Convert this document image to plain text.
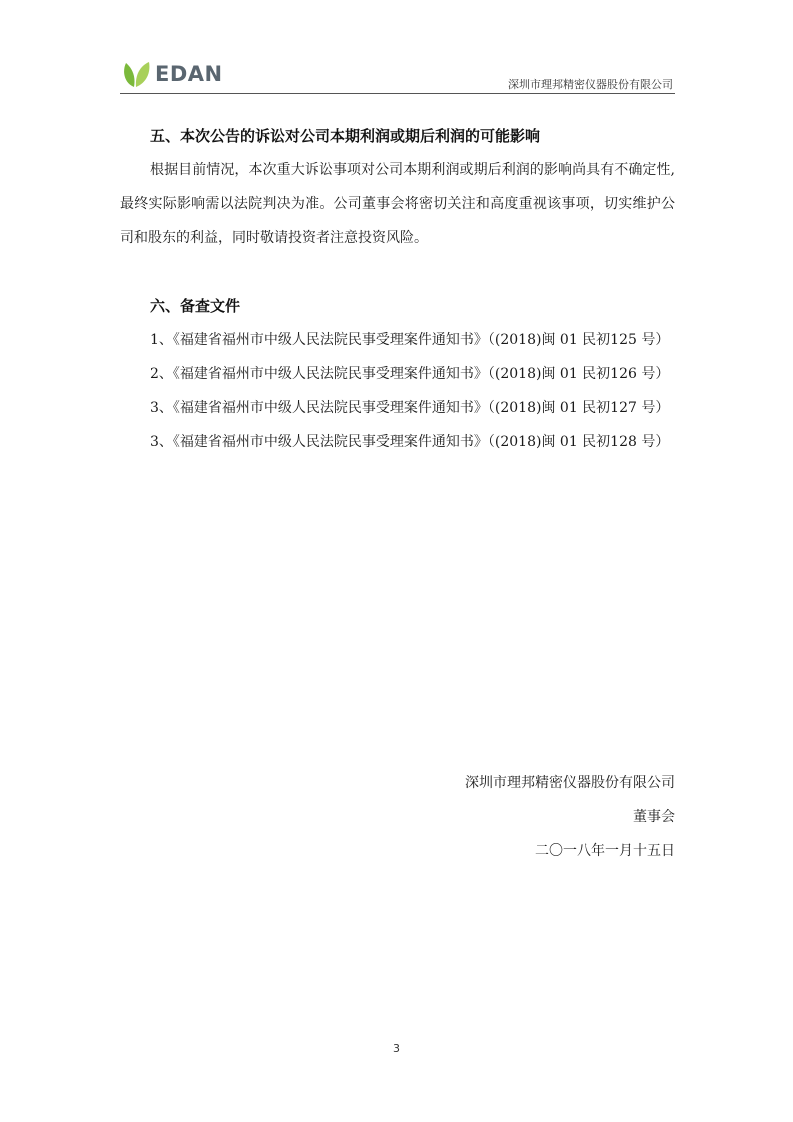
EDAN	深圳市理邦精密仪器股份有限公司
五、本次公告的诉讼对公司本期利润或期后利润的可能影响

根据目前情况，本次重大诉讼事项对公司本期利润或期后利润的影响尚具有不确定性,最终实际影响需以法院判决为准。公司董事会将密切关注和高度重视该事项，切实维护公司和股东的利益，同时敬请投资者注意投资风险。

六、备查文件

1、《福建省福州市中级人民法院民事受理案件通知书》（(2018)闽 01 民初125 号）

2、《福建省福州市中级人民法院民事受理案件通知书》（(2018)闽 01 民初126 号）

3、《福建省福州市中级人民法院民事受理案件通知书》（(2018)闽 01 民初127 号）

3、《福建省福州市中级人民法院民事受理案件通知书》（(2018)闽 01 民初128 号）

深圳市理邦精密仪器股份有限公司
董事会
二〇一八年一月十五日
3
